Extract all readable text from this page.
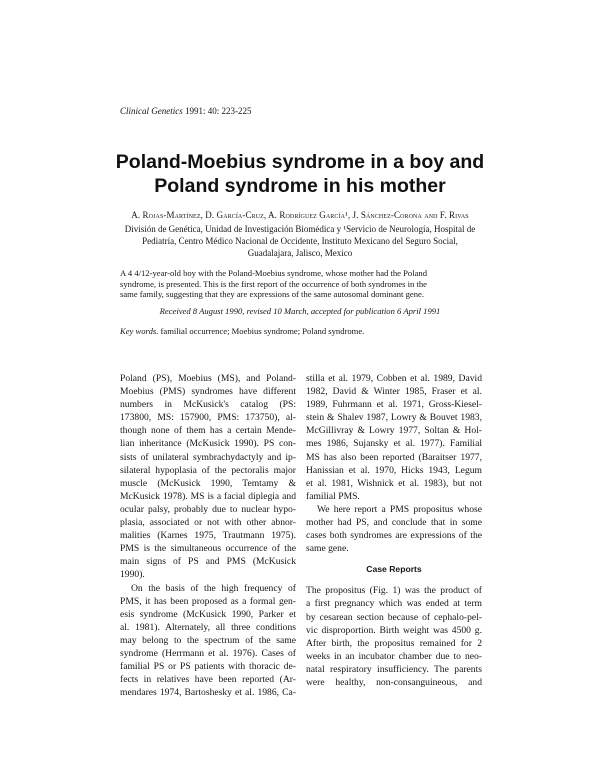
Clinical Genetics 1991: 40: 223-225
Poland-Moebius syndrome in a boy and
Poland syndrome in his mother
A. Rojas-Martínez, D. García-Cruz, A. Rodríguez García¹, J. Sánchez-Corona and F. Rivas
División de Genética, Unidad de Investigación Biomédica y ¹Servicio de Neurología, Hospital de
Pediatría, Centro Médico Nacional de Occidente, Instituto Mexicano del Seguro Social,
Guadalajara, Jalisco, Mexico
A 4 4/12-year-old boy with the Poland-Moebius syndrome, whose mother had the Poland
syndrome, is presented. This is the first report of the occurrence of both syndromes in the
same family, suggesting that they are expressions of the same autosomal dominant gene.
Received 8 August 1990, revised 10 March, accepted for publication 6 April 1991
Key words. familial occurrence; Moebius syndrome; Poland syndrome.
Poland (PS), Moebius (MS), and Poland-
Moebius (PMS) syndromes have different
numbers in McKusick's catalog (PS:
173800, MS: 157900, PMS: 173750), al-
though none of them has a certain Mende-
lian inheritance (McKusick 1990). PS con-
sists of unilateral symbrachydactyly and ip-
silateral hypoplasia of the pectoralis major
muscle (McKusick 1990, Temtamy &
McKusick 1978). MS is a facial diplegia and
ocular palsy, probably due to nuclear hypo-
plasia, associated or not with other abnor-
malities (Karnes 1975, Trautmann 1975).
PMS is the simultaneous occurrence of the
main signs of PS and PMS (McKusick
1990).
On the basis of the high frequency of
PMS, it has been proposed as a formal gen-
esis syndrome (McKusick 1990, Parker et
al. 1981). Alternately, all three conditions
may belong to the spectrum of the same
syndrome (Herrmann et al. 1976). Cases of
familial PS or PS patients with thoracic de-
fects in relatives have been reported (Ar-
mendares 1974, Bartoshesky et al. 1986, Ca-
stilla et al. 1979, Cobben et al. 1989, David
1982, David & Winter 1985, Fraser et al.
1989, Fuhrmann et al. 1971, Gross-Kiesel-
stein & Shalev 1987, Lowry & Bouvet 1983,
McGillivray & Lowry 1977, Soltan & Hol-
mes 1986, Sujansky et al. 1977). Familial
MS has also been reported (Baraitser 1977,
Hanissian et al. 1970, Hicks 1943, Legum
et al. 1981, Wishnick et al. 1983), but not
familial PMS.
We here report a PMS propositus whose
mother had PS, and conclude that in some
cases both syndromes are expressions of the
same gene.
Case Reports
The propositus (Fig. 1) was the product of
a first pregnancy which was ended at term
by cesarean section because of cephalo-pel-
vic disproportion. Birth weight was 4500 g.
After birth, the propositus remained for 2
weeks in an incubator chamber due to neo-
natal respiratory insufficiency. The parents
were healthy, non-consanguineous, and
